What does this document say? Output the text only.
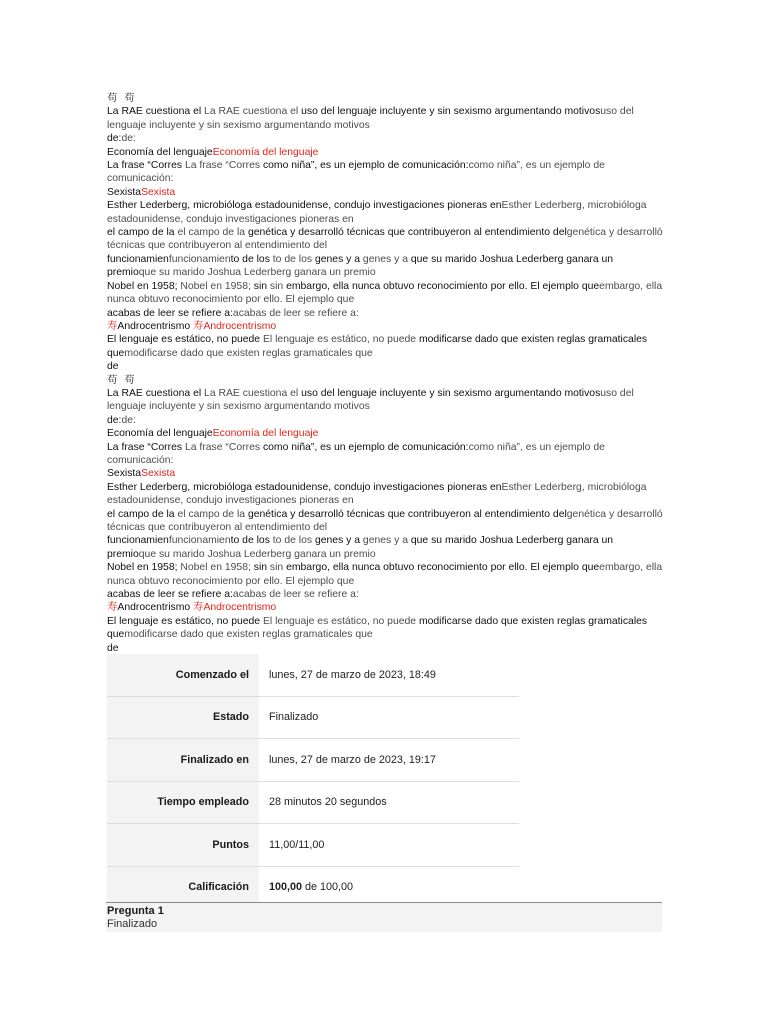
苟 苟
La RAE cuestiona el La RAE cuestiona el uso del lenguaje incluyente y sin sexismo argumentando motivosuso del lenguaje incluyente y sin sexismo argumentando motivos
de:de:
Economía del lenguajeEconomía del lenguaje
La frase “Corres La frase “Corres como niña”, es un ejemplo de comunicación:como niña”, es un ejemplo de comunicación:
SexistaSexista
Esther Lederberg, microbióloga estadounidense, condujo investigaciones pioneras enEsther Lederberg, microbióloga estadounidense, condujo investigaciones pioneras en
el campo de la el campo de la genética y desarrolló técnicas que contribuyeron al entendimiento delgenética y desarrolló técnicas que contribuyeron al entendimiento del
funcionamienfuncionamiento de los to de los genes y a genes y a que su marido Joshua Lederberg ganara un premioque su marido Joshua Lederberg ganara un premio
Nobel en 1958; Nobel en 1958; sin sin embargo, ella nunca obtuvo reconocimiento por ello. El ejemplo queembargo, ella nunca obtuvo reconocimiento por ello. El ejemplo que
acabas de leer se refiere a:acabas de leer se refiere a:
寿Androcentrismo 寿Androcentrismo
El lenguaje es estático, no puede El lenguaje es estático, no puede modificarse dado que existen reglas gramaticales quemodificarse dado que existen reglas gramaticales que
de
苟 苟
La RAE cuestiona el La RAE cuestiona el uso del lenguaje incluyente y sin sexismo argumentando motivosuso del lenguaje incluyente y sin sexismo argumentando motivos
de:de:
Economía del lenguajeEconomía del lenguaje
La frase “Corres La frase “Corres como niña”, es un ejemplo de comunicación:como niña”, es un ejemplo de comunicación:
SexistaSexista
Esther Lederberg, microbióloga estadounidense, condujo investigaciones pioneras enEsther Lederberg, microbióloga estadounidense, condujo investigaciones pioneras en
el campo de la el campo de la genética y desarrolló técnicas que contribuyeron al entendimiento delgenética y desarrolló técnicas que contribuyeron al entendimiento del
funcionamienfuncionamiento de los to de los genes y a genes y a que su marido Joshua Lederberg ganara un premioque su marido Joshua Lederberg ganara un premio
Nobel en 1958; Nobel en 1958; sin sin embargo, ella nunca obtuvo reconocimiento por ello. El ejemplo queembargo, ella nunca obtuvo reconocimiento por ello. El ejemplo que
acabas de leer se refiere a:acabas de leer se refiere a:
寿Androcentrismo 寿Androcentrismo
El lenguaje es estático, no puede El lenguaje es estático, no puede modificarse dado que existen reglas gramaticales quemodificarse dado que existen reglas gramaticales que
de
Comenzado el	lunes, 27 de marzo de 2023, 18:49
Estado	Finalizado
Finalizado en	lunes, 27 de marzo de 2023, 19:17
Tiempo empleado	28 minutos 20 segundos
Puntos	11,00/11,00
Calificación	100,00 de 100,00
Pregunta 1
Finalizado
